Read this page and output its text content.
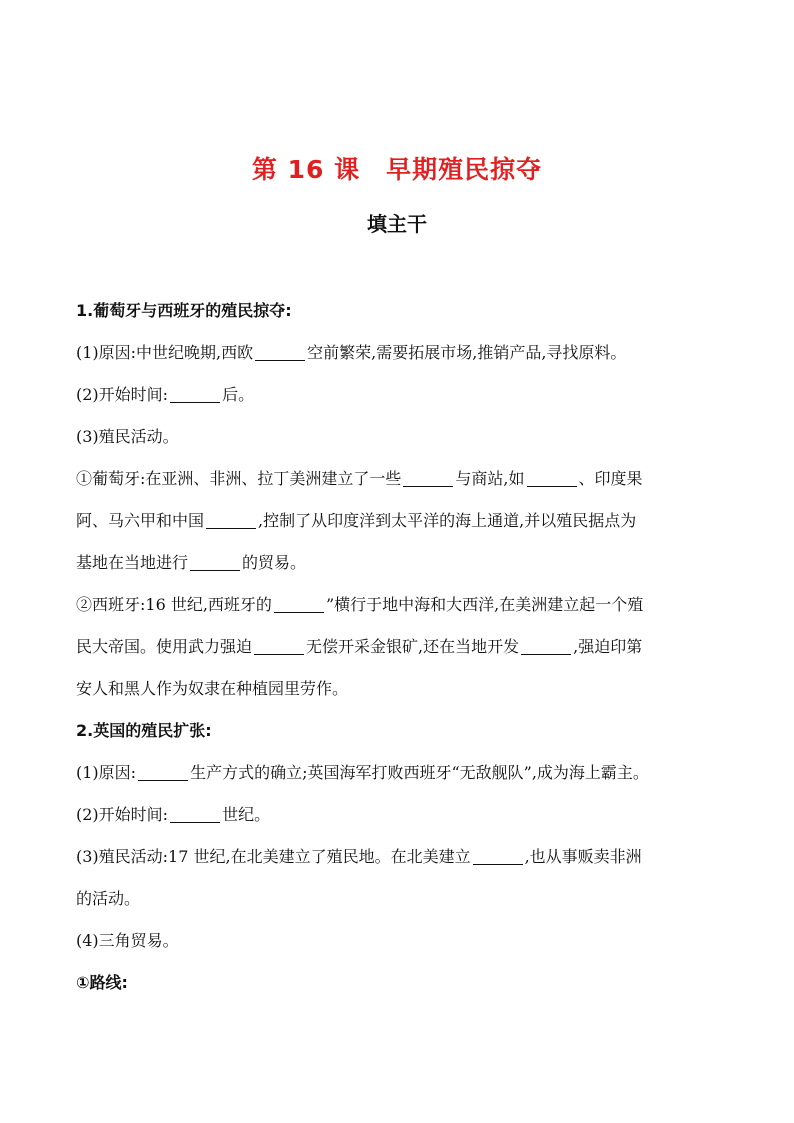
第 16 课　早期殖民掠夺
填主干
1.葡萄牙与西班牙的殖民掠夺:
(1)原因:中世纪晚期,西欧	空前繁荣,需要拓展市场,推销产品,寻找原料。
(2)开始时间:	后。
(3)殖民活动。
①葡萄牙:在亚洲、非洲、拉丁美洲建立了一些	与商站,如	、印度果
阿、马六甲和中国	,控制了从印度洋到太平洋的海上通道,并以殖民据点为
基地在当地进行	的贸易。
②西班牙:16 世纪,西班牙的	”横行于地中海和大西洋,在美洲建立起一个殖
民大帝国。使用武力强迫	无偿开采金银矿,还在当地开发	,强迫印第
安人和黑人作为奴隶在种植园里劳作。
2.英国的殖民扩张:
(1)原因:	生产方式的确立;英国海军打败西班牙“无敌舰队”,成为海上霸主。
(2)开始时间:	世纪。
(3)殖民活动:17 世纪,在北美建立了殖民地。在北美建立	,也从事贩卖非洲
的活动。
(4)三角贸易。
①路线:
